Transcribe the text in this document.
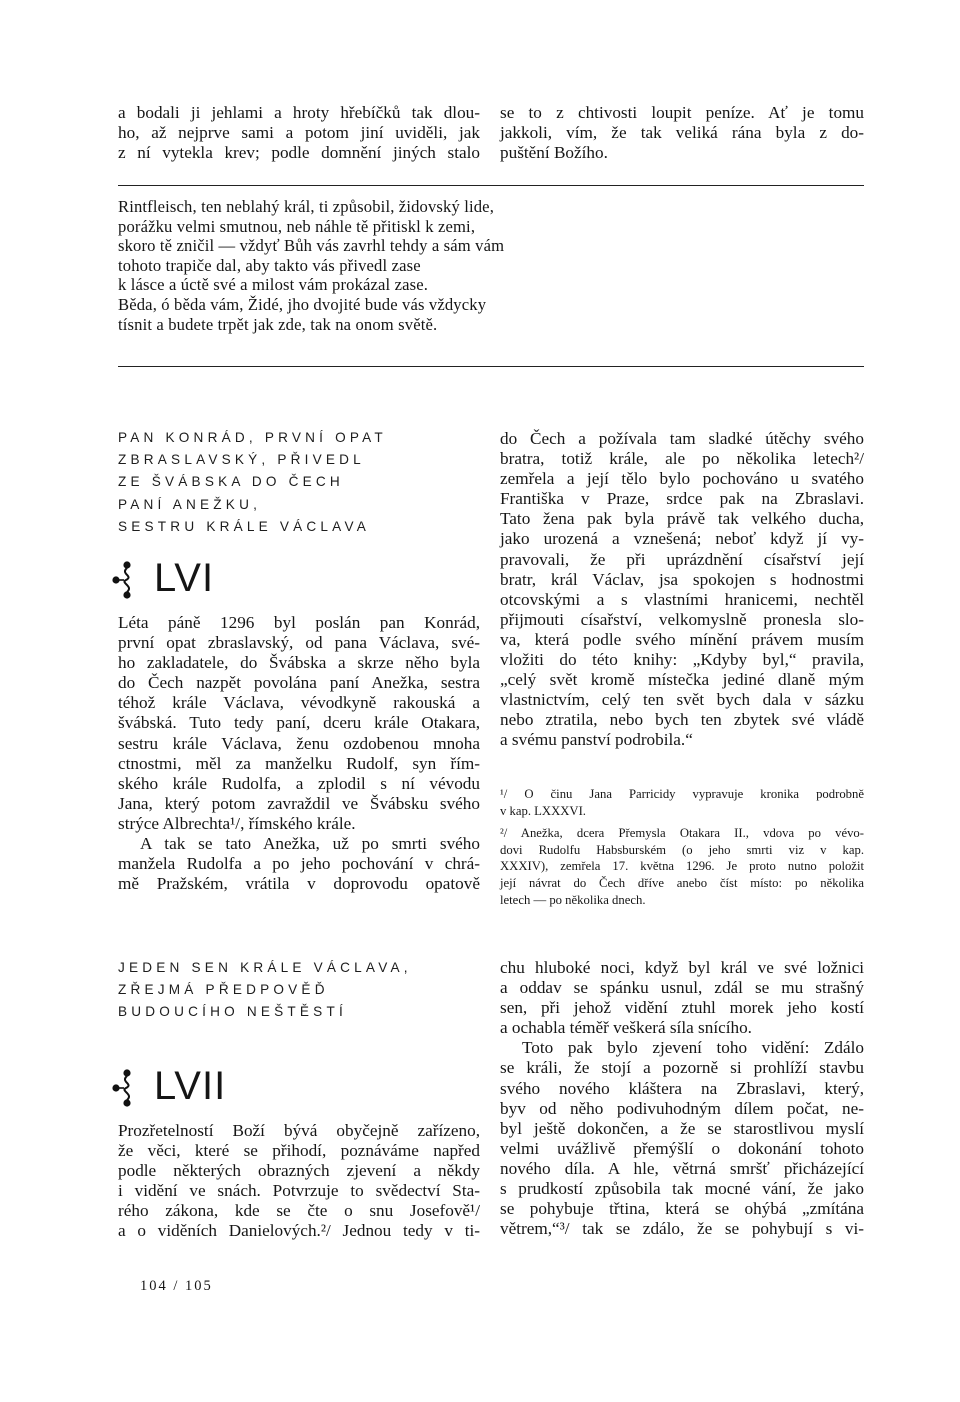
a bodali ji jehlami a hroty hřebíčků tak dlou-
ho, až nejprve sami a potom jiní uviděli, jak
z ní vytekla krev; podle domnění jiných stalo
se to z chtivosti loupit peníze. Ať je tomu
jakkoli, vím, že tak veliká rána byla z do-
puštění Božího.
Rintfleisch, ten neblahý král, ti způsobil, židovský lide,
porážku velmi smutnou, neb náhle tě přitiskl k zemi,
skoro tě zničil — vždyť Bůh vás zavrhl tehdy a sám vám
tohoto trapiče dal, aby takto vás přivedl zase
k lásce a úctě své a milost vám prokázal zase.
Běda, ó běda vám, Židé, jho dvojité bude vás vždycky
tísnit a budete trpět jak zde, tak na onom světě.
PAN KONRÁD, PRVNÍ OPAT
ZBRASLAVSKÝ, PŘIVEDL
ZE ŠVÁBSKA DO ČECH
PANÍ ANEŽKU,
SESTRU KRÁLE VÁCLAVA
LVI
Léta páně 1296 byl poslán pan Konrád,
první opat zbraslavský, od pana Václava, své-
ho zakladatele, do Švábska a skrze něho byla
do Čech nazpět povolána paní Anežka, sestra
téhož krále Václava, vévodkyně rakouská a
švábská. Tuto tedy paní, dceru krále Otakara,
sestru krále Václava, ženu ozdobenou mnoha
ctnostmi, měl za manželku Rudolf, syn řím-
ského krále Rudolfa, a zplodil s ní vévodu
Jana, který potom zavraždil ve Švábsku svého
strýce Albrechta¹/, římského krále.
A tak se tato Anežka, už po smrti svého
manžela Rudolfa a po jeho pochování v chrá-
mě Pražském, vrátila v doprovodu opatově
do Čech a požívala tam sladké útěchy svého
bratra, totiž krále, ale po několika letech²/
zemřela a její tělo bylo pochováno u svatého
Františka v Praze, srdce pak na Zbraslavi.
Tato žena pak byla právě tak velkého ducha,
jako urozená a vznešená; neboť když jí vy-
pravovali, že při uprázdnění císařství její
bratr, král Václav, jsa spokojen s hodnostmi
otcovskými a s vlastními hranicemi, nechtěl
přijmouti císařství, velkomyslně pronesla slo-
va, která podle svého mínění právem musím
vložiti do této knihy: „Kdyby byl,“ pravila,
„celý svět kromě místečka jediné dlaně mým
vlastnictvím, celý ten svět bych dala v sázku
nebo ztratila, nebo bych ten zbytek své vládě
a svému panství podrobila.“
¹/ O činu Jana Parricidy vypravuje kronika podrobně
v kap. LXXXVI.
²/ Anežka, dcera Přemysla Otakara II., vdova po vévo-
dovi Rudolfu Habsburském (o jeho smrti viz v kap.
XXXIV), zemřela 17. května 1296. Je proto nutno položit
její návrat do Čech dříve anebo číst místo: po několika
letech — po několika dnech.
JEDEN SEN KRÁLE VÁCLAVA,
ZŘEJMÁ PŘEDPOVĚĎ
BUDOUCÍHO NEŠTĚSTÍ
LVII
Prozřetelností Boží bývá obyčejně zařízeno,
že věci, které se přihodí, poznáváme napřed
podle některých obrazných zjevení a někdy
i vidění ve snách. Potvrzuje to svědectví Sta-
rého zákona, kde se čte o snu Josefově¹/
a o viděních Danielových.²/ Jednou tedy v ti-
chu hluboké noci, když byl král ve své ložnici
a oddav se spánku usnul, zdál se mu strašný
sen, při jehož vidění ztuhl morek jeho kostí
a ochabla téměř veškerá síla snícího.
Toto pak bylo zjevení toho vidění: Zdálo
se králi, že stojí a pozorně si prohlíží stavbu
svého nového kláštera na Zbraslavi, který,
byv od něho podivuhodným dílem počat, ne-
byl ještě dokončen, a že se starostlivou myslí
velmi uvážlivě přemýšlí o dokonání tohoto
nového díla. A hle, větrná smršť přicházející
s prudkostí způsobila tak mocné vání, že jako
se pohybuje třtina, která se ohýbá „zmítána
větrem,“³/ tak se zdálo, že se pohybují s vi-
104 / 105
